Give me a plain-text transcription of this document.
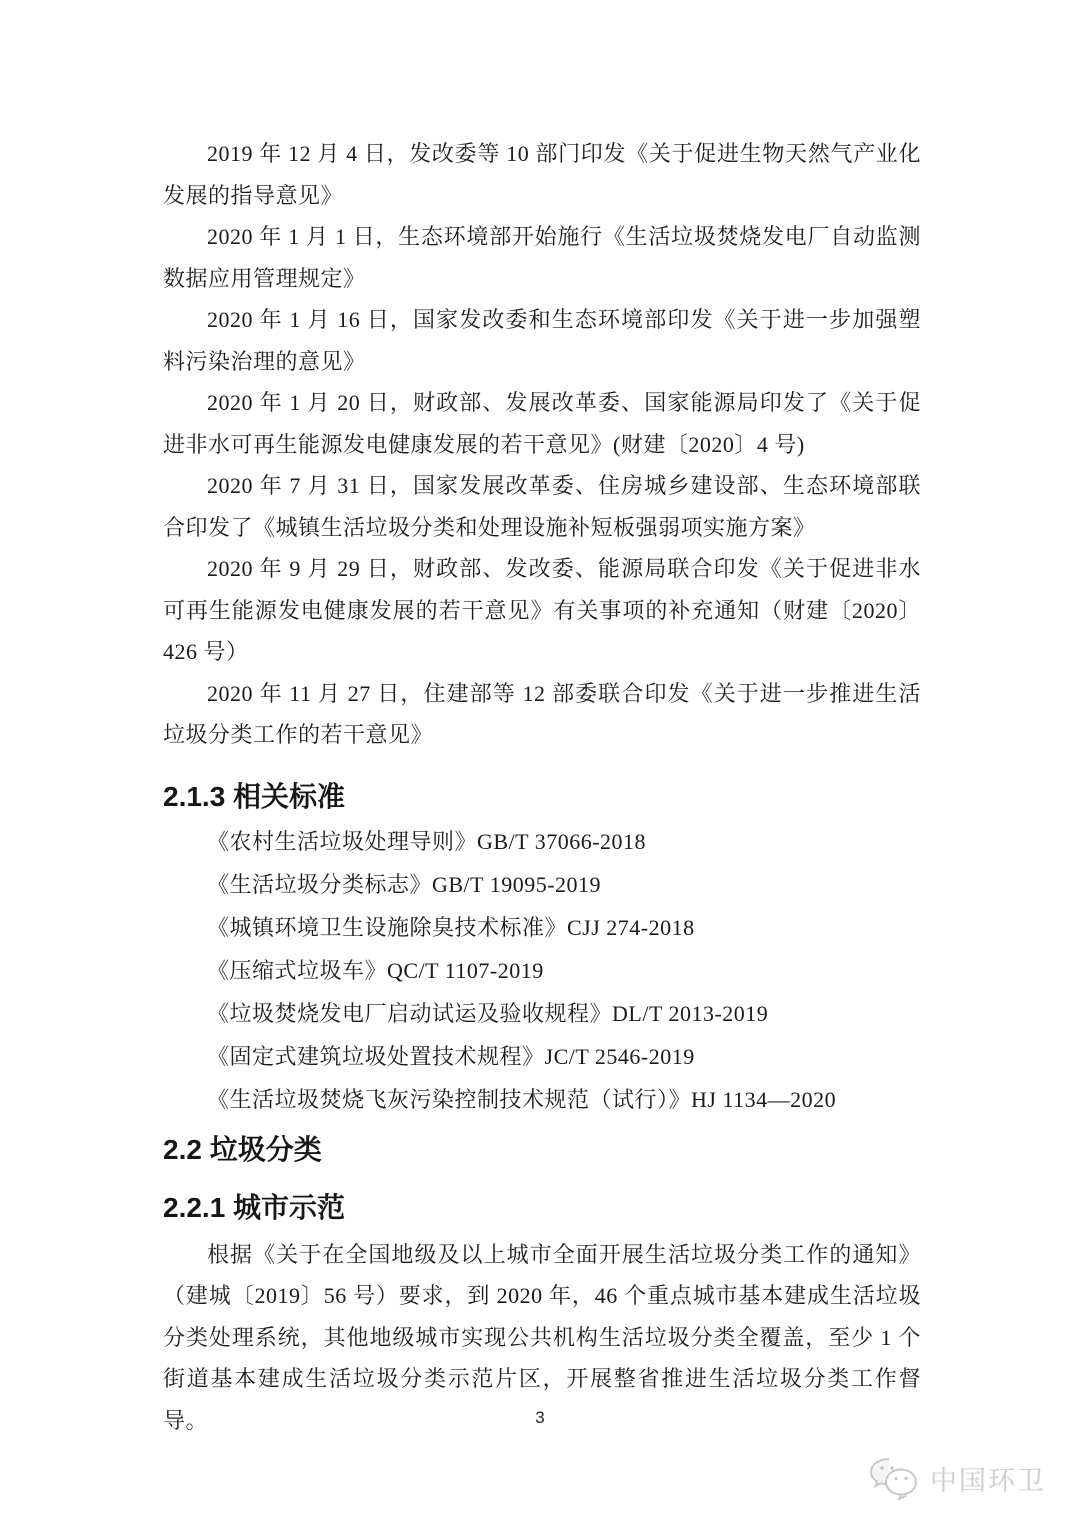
2019 年 12 月 4 日，发改委等 10 部门印发《关于促进生物天然气产业化发展的指导意见》

2020 年 1 月 1 日，生态环境部开始施行《生活垃圾焚烧发电厂自动监测数据应用管理规定》

2020 年 1 月 16 日，国家发改委和生态环境部印发《关于进一步加强塑料污染治理的意见》

2020 年 1 月 20 日，财政部、发展改革委、国家能源局印发了《关于促进非水可再生能源发电健康发展的若干意见》(财建〔2020〕4 号)

2020 年 7 月 31 日，国家发展改革委、住房城乡建设部、生态环境部联合印发了《城镇生活垃圾分类和处理设施补短板强弱项实施方案》

2020 年 9 月 29 日，财政部、发改委、能源局联合印发《关于促进非水可再生能源发电健康发展的若干意见》有关事项的补充通知（财建〔2020〕426 号）

2020 年 11 月 27 日，住建部等 12 部委联合印发《关于进一步推进生活垃圾分类工作的若干意见》

2.1.3 相关标准

《农村生活垃圾处理导则》GB/T 37066-2018

《生活垃圾分类标志》GB/T 19095-2019

《城镇环境卫生设施除臭技术标准》CJJ 274-2018

《压缩式垃圾车》QC/T 1107-2019

《垃圾焚烧发电厂启动试运及验收规程》DL/T 2013-2019

《固定式建筑垃圾处置技术规程》JC/T 2546-2019

《生活垃圾焚烧飞灰污染控制技术规范（试行）》HJ 1134—2020

2.2 垃圾分类
2.2.1 城市示范

根据《关于在全国地级及以上城市全面开展生活垃圾分类工作的通知》（建城〔2019〕56 号）要求，到 2020 年，46 个重点城市基本建成生活垃圾分类处理系统，其他地级城市实现公共机构生活垃圾分类全覆盖，至少 1 个街道基本建成生活垃圾分类示范片区，开展整省推进生活垃圾分类工作督导。	3
中国环卫
